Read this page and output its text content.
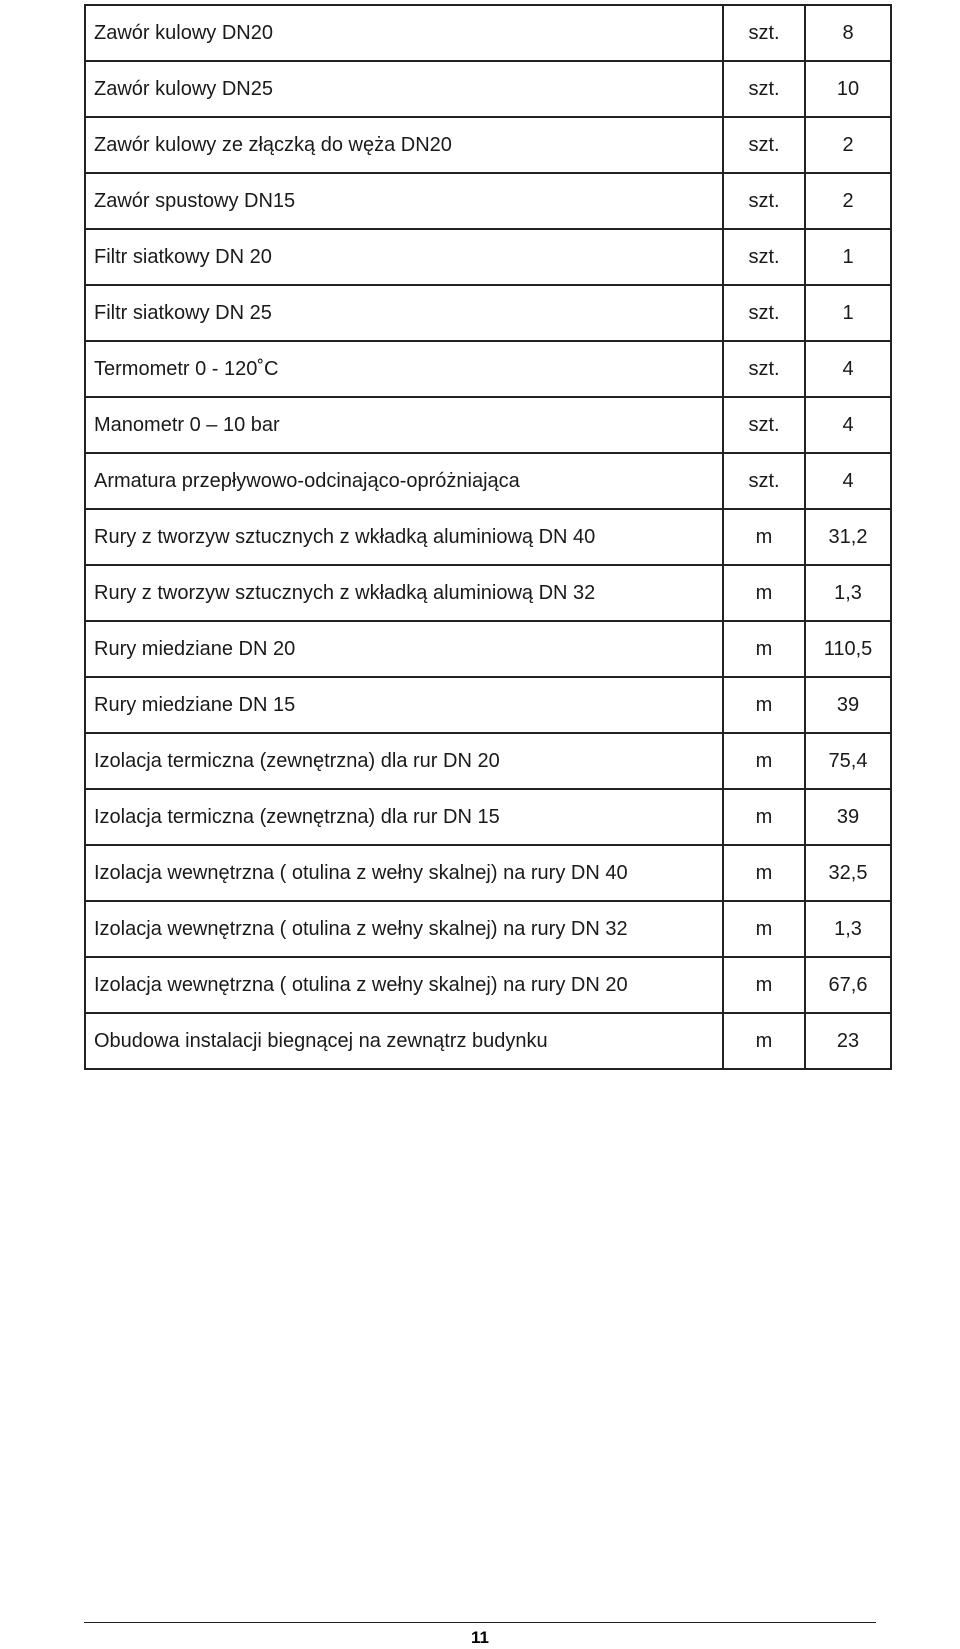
Zawór kulowy DN20	szt.	8
Zawór kulowy DN25	szt.	10
Zawór kulowy ze złączką do węża DN20	szt.	2
Zawór spustowy DN15	szt.	2
Filtr siatkowy DN 20	szt.	1
Filtr siatkowy DN 25	szt.	1
Termometr 0 - 120˚C	szt.	4
Manometr 0 – 10 bar	szt.	4
Armatura przepływowo-odcinająco-opróżniająca	szt.	4
Rury z tworzyw sztucznych z wkładką aluminiową DN 40	m	31,2
Rury z tworzyw sztucznych z wkładką aluminiową DN 32	m	1,3
Rury miedziane DN 20	m	110,5
Rury miedziane DN 15	m	39
Izolacja termiczna (zewnętrzna) dla rur DN 20	m	75,4
Izolacja termiczna (zewnętrzna) dla rur DN 15	m	39
Izolacja wewnętrzna ( otulina z wełny skalnej) na rury DN 40	m	32,5
Izolacja wewnętrzna ( otulina z wełny skalnej) na rury DN 32	m	1,3
Izolacja wewnętrzna ( otulina z wełny skalnej) na rury DN 20	m	67,6
Obudowa instalacji biegnącej na zewnątrz budynku	m	23
11
